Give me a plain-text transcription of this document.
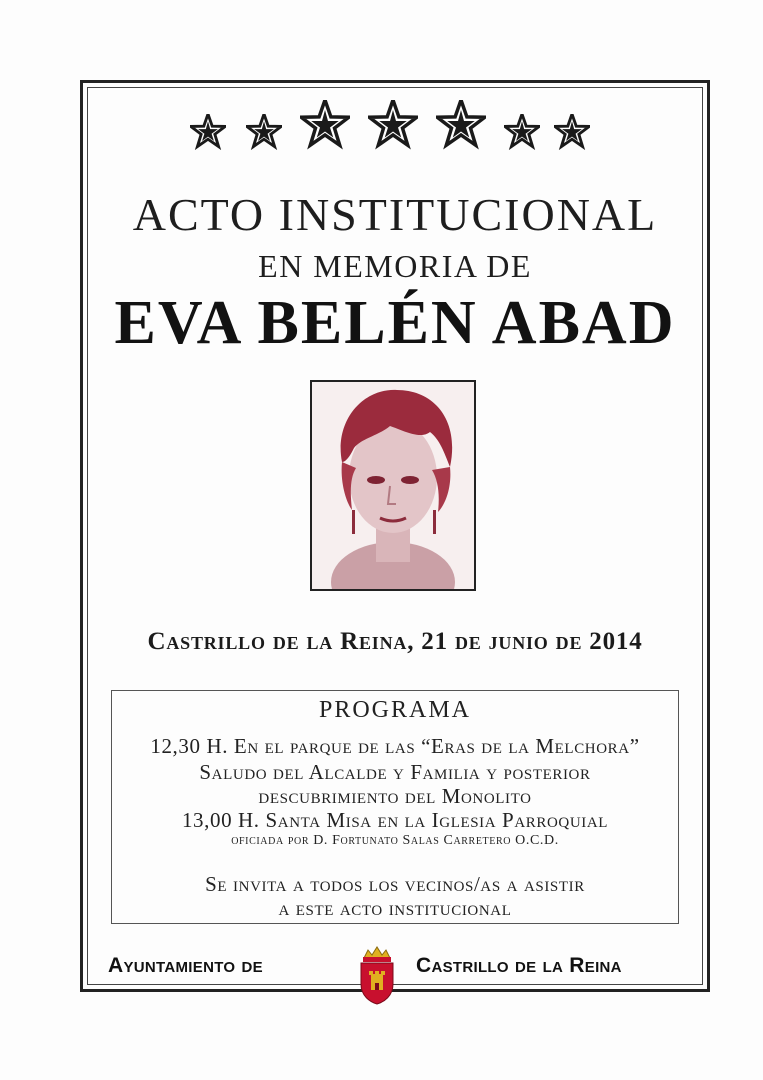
ACTO INSTITUCIONAL
EN MEMORIA DE
EVA BELÉN ABAD
Castrillo de la Reina, 21 de junio de 2014
PROGRAMA
12,30 H. En el parque de las “Eras de la Melchora”
Saludo del Alcalde y Familia y posterior
descubrimiento del Monolito
13,00 H. Santa Misa en la Iglesia Parroquial
oficiada por D. Fortunato Salas Carretero O.C.D.
Se invita a todos los vecinos/as a asistir
a este acto institucional
Ayuntamiento de	Castrillo de la Reina
